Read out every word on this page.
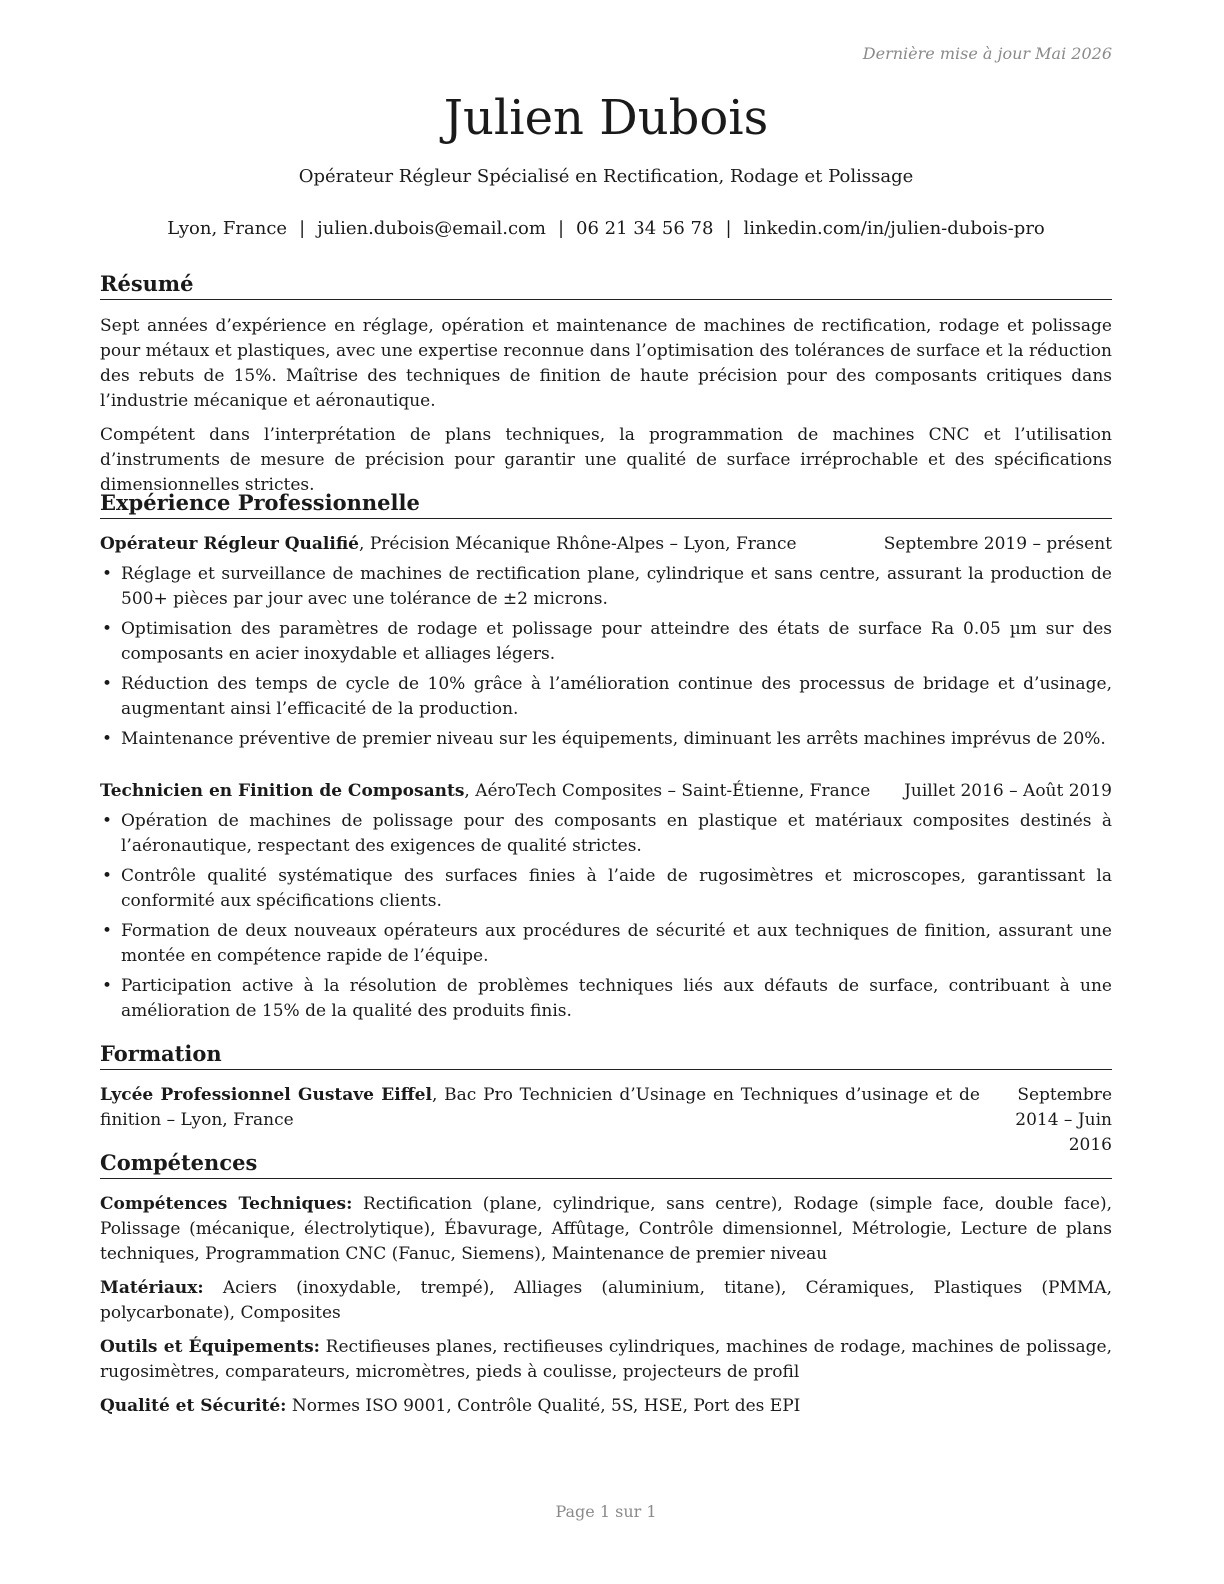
Dernière mise à jour Mai 2026
Julien Dubois
Opérateur Régleur Spécialisé en Rectification, Rodage et Polissage
Lyon, France | julien.dubois@email.com | 06 21 34 56 78 | linkedin.com/in/julien-dubois-pro
Résumé
Sept années d’expérience en réglage, opération et maintenance de machines de rectification, rodage et polissage pour métaux et plastiques, avec une expertise reconnue dans l’optimisation des tolérances de surface et la réduction des rebuts de 15%. Maîtrise des techniques de finition de haute précision pour des composants critiques dans l’industrie mécanique et aéronautique.
Compétent dans l’interprétation de plans techniques, la programmation de machines CNC et l’utilisation d’instruments de mesure de précision pour garantir une qualité de surface irréprochable et des spécifications dimensionnelles strictes.
Expérience Professionnelle
Opérateur Régleur Qualifié, Précision Mécanique Rhône-Alpes – Lyon, France	Septembre 2019 – présent
• Réglage et surveillance de machines de rectification plane, cylindrique et sans centre, assurant la production de 500+ pièces par jour avec une tolérance de ±2 microns.
• Optimisation des paramètres de rodage et polissage pour atteindre des états de surface Ra 0.05 µm sur des composants en acier inoxydable et alliages légers.
• Réduction des temps de cycle de 10% grâce à l’amélioration continue des processus de bridage et d’usinage, augmentant ainsi l’efficacité de la production.
• Maintenance préventive de premier niveau sur les équipements, diminuant les arrêts machines imprévus de 20%.
Technicien en Finition de Composants, AéroTech Composites – Saint-Étienne, France Juillet 2016 – Août 2019
• Opération de machines de polissage pour des composants en plastique et matériaux composites destinés à l’aéronautique, respectant des exigences de qualité strictes.
• Contrôle qualité systématique des surfaces finies à l’aide de rugosimètres et microscopes, garantissant la conformité aux spécifications clients.
• Formation de deux nouveaux opérateurs aux procédures de sécurité et aux techniques de finition, assurant une montée en compétence rapide de l’équipe.
• Participation active à la résolution de problèmes techniques liés aux défauts de surface, contribuant à une amélioration de 15% de la qualité des produits finis.
Formation
Lycée Professionnel Gustave Eiffel, Bac Pro Technicien d’Usinage en Techniques d’usinage et de finition – Lyon, France
Septembre 2014 – Juin 2016
Compétences
Compétences Techniques: Rectification (plane, cylindrique, sans centre), Rodage (simple face, double face), Polissage (mécanique, électrolytique), Ébavurage, Affûtage, Contrôle dimensionnel, Métrologie, Lecture de plans techniques, Programmation CNC (Fanuc, Siemens), Maintenance de premier niveau
Matériaux: Aciers (inoxydable, trempé), Alliages (aluminium, titane), Céramiques, Plastiques (PMMA, polycarbonate), Composites
Outils et Équipements: Rectifieuses planes, rectifieuses cylindriques, machines de rodage, machines de polissage, rugosimètres, comparateurs, micromètres, pieds à coulisse, projecteurs de profil
Qualité et Sécurité: Normes ISO 9001, Contrôle Qualité, 5S, HSE, Port des EPI
Page 1 sur 1
